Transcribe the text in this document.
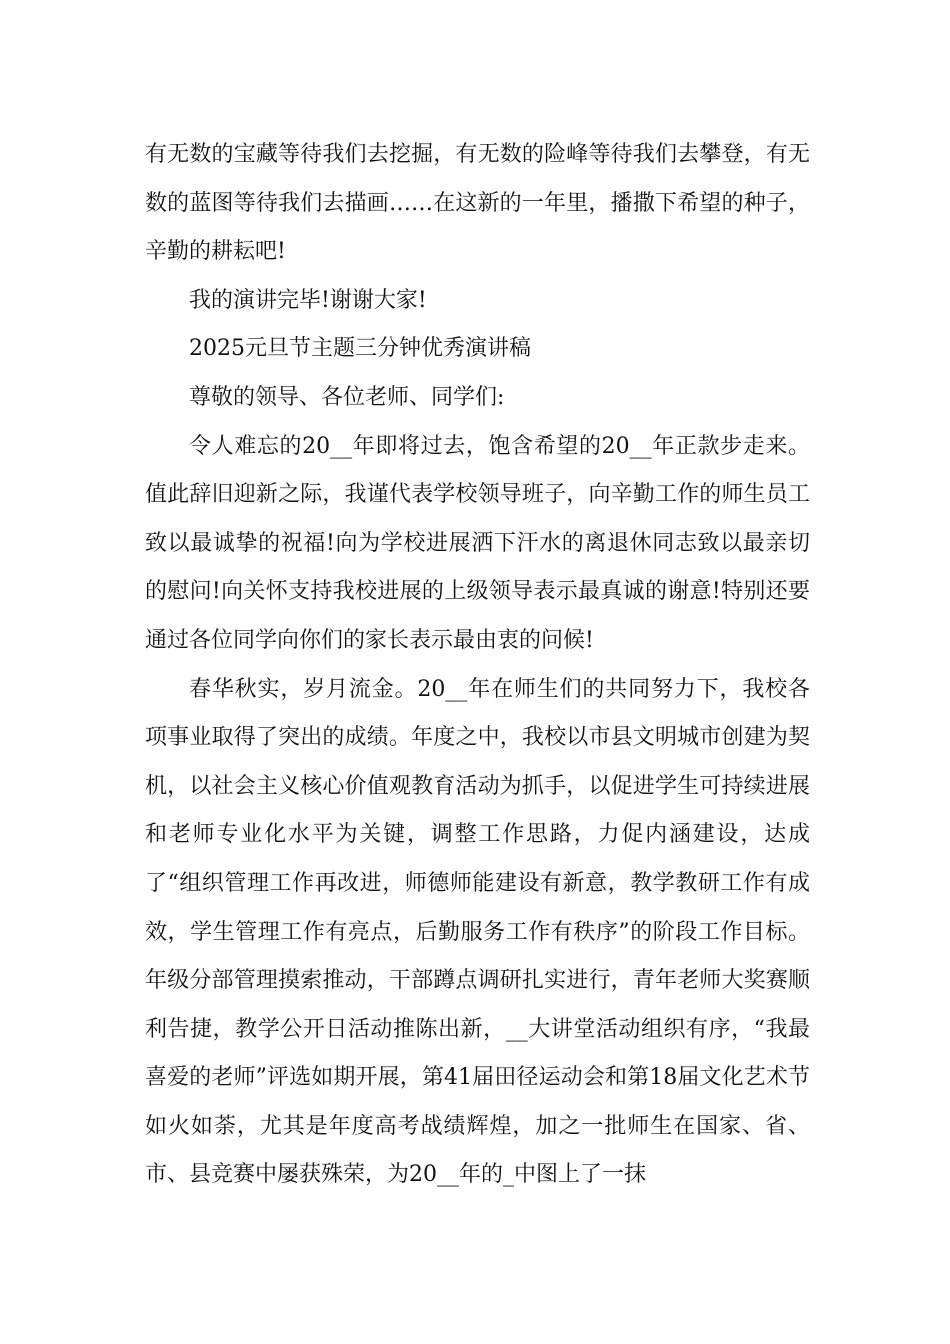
有无数的宝藏等待我们去挖掘，有无数的险峰等待我们去攀登，有无数的蓝图等待我们去描画……在这新的一年里，播撒下希望的种子，辛勤的耕耘吧!

我的演讲完毕!谢谢大家!

2025元旦节主题三分钟优秀演讲稿

尊敬的领导、各位老师、同学们:

令人难忘的20__年即将过去，饱含希望的20__年正款步走来。值此辞旧迎新之际，我谨代表学校领导班子，向辛勤工作的师生员工致以最诚挚的祝福!向为学校进展洒下汗水的离退休同志致以最亲切的慰问!向关怀支持我校进展的上级领导表示最真诚的谢意!特别还要通过各位同学向你们的家长表示最由衷的问候!

春华秋实，岁月流金。20__年在师生们的共同努力下，我校各项事业取得了突出的成绩。年度之中，我校以市县文明城市创建为契机，以社会主义核心价值观教育活动为抓手，以促进学生可持续进展和老师专业化水平为关键，调整工作思路，力促内涵建设，达成了“组织管理工作再改进，师德师能建设有新意，教学教研工作有成效，学生管理工作有亮点，后勤服务工作有秩序”的阶段工作目标。年级分部管理摸索推动，干部蹲点调研扎实进行，青年老师大奖赛顺利告捷，教学公开日活动推陈出新，__大讲堂活动组织有序，“我最喜爱的老师”评选如期开展，第41届田径运动会和第18届文化艺术节如火如荼，尤其是年度高考战绩辉煌，加之一批师生在国家、省、市、县竞赛中屡获殊荣，为20__年的_中图上了一抹
